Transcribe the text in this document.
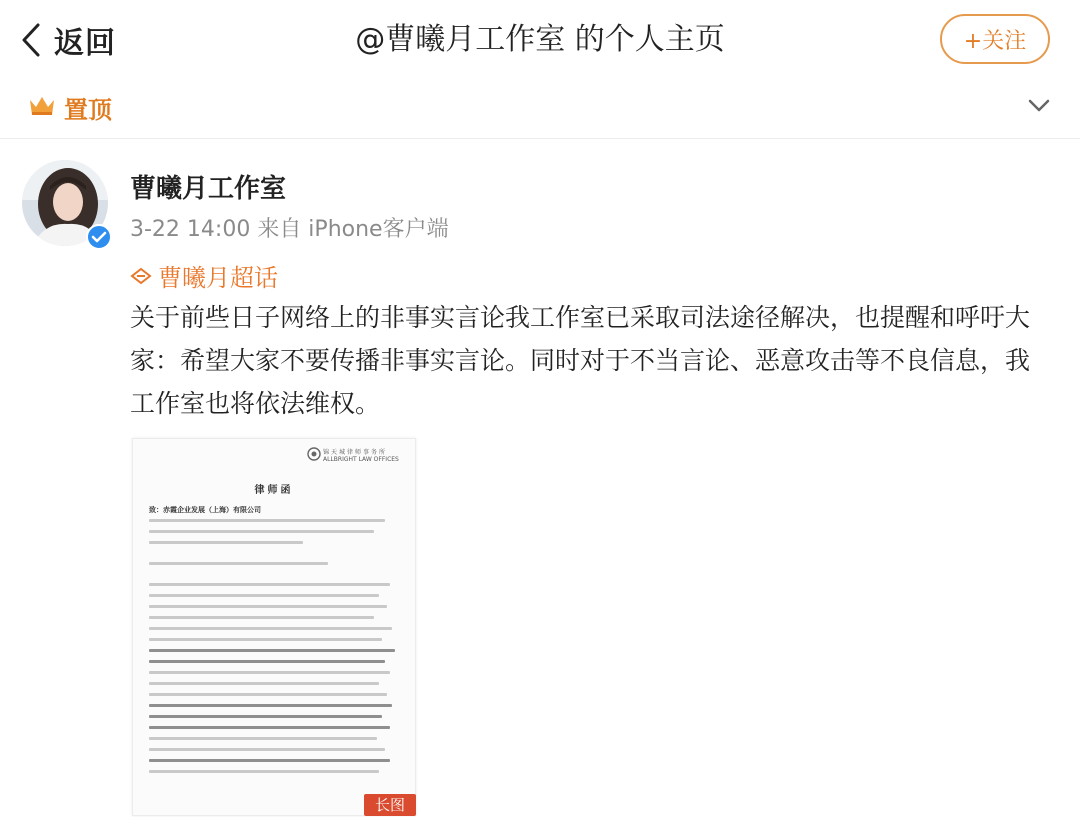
返回	@曹曦月工作室 的个人主页	+关注
置顶
曹曦月工作室
3-22 14:00 来自 iPhone客户端
曹曦月超话
关于前些日子网络上的非事实言论我工作室已采取司法途径解决，也提醒和呼吁大家：希望大家不要传播非事实言论。同时对于不当言论、恶意攻击等不良信息，我工作室也将依法维权。
锦天城律师事务所
ALLBRIGHT LAW OFFICES
律师函
致：赤霞企业发展（上海）有限公司
长图
